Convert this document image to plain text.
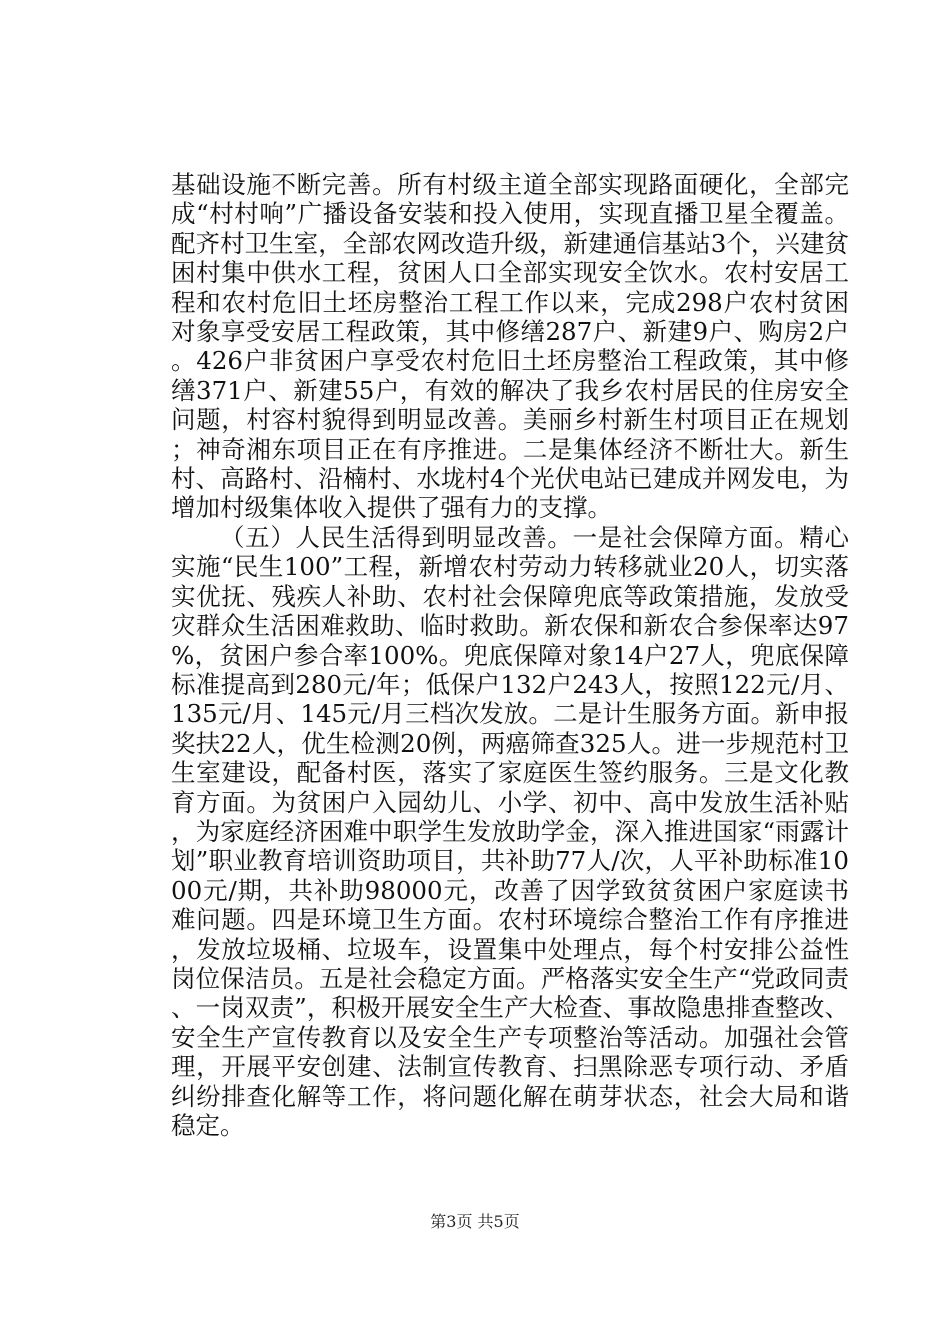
基础设施不断完善。所有村级主道全部实现路面硬化，全部完成“村村响”广播设备安装和投入使用，实现直播卫星全覆盖。配齐村卫生室，全部农网改造升级，新建通信基站3个，兴建贫困村集中供水工程，贫困人口全部实现安全饮水。农村安居工程和农村危旧土坯房整治工程工作以来，完成298户农村贫困对象享受安居工程政策，其中修缮287户、新建9户、购房2户。426户非贫困户享受农村危旧土坯房整治工程政策，其中修缮371户、新建55户，有效的解决了我乡农村居民的住房安全问题，村容村貌得到明显改善。美丽乡村新生村项目正在规划；神奇湘东项目正在有序推进。二是集体经济不断壮大。新生村、高路村、沿楠村、水垅村4个光伏电站已建成并网发电，为增加村级集体收入提供了强有力的支撑。

（五）人民生活得到明显改善。一是社会保障方面。精心实施“民生100”工程，新增农村劳动力转移就业20人，切实落实优抚、残疾人补助、农村社会保障兜底等政策措施，发放受灾群众生活困难救助、临时救助。新农保和新农合参保率达97%，贫困户参合率100%。兜底保障对象14户27人，兜底保障标准提高到280元/年；低保户132户243人，按照122元/月、135元/月、145元/月三档次发放。二是计生服务方面。新申报奖扶22人，优生检测20例，两癌筛查325人。进一步规范村卫生室建设，配备村医，落实了家庭医生签约服务。三是文化教育方面。为贫困户入园幼儿、小学、初中、高中发放生活补贴，为家庭经济困难中职学生发放助学金，深入推进国家“雨露计划”职业教育培训资助项目，共补助77人/次，人平补助标准1000元/期，共补助98000元，改善了因学致贫贫困户家庭读书难问题。四是环境卫生方面。农村环境综合整治工作有序推进，发放垃圾桶、垃圾车，设置集中处理点，每个村安排公益性岗位保洁员。五是社会稳定方面。严格落实安全生产“党政同责、一岗双责”，积极开展安全生产大检查、事故隐患排查整改、安全生产宣传教育以及安全生产专项整治等活动。加强社会管理，开展平安创建、法制宣传教育、扫黑除恶专项行动、矛盾纠纷排查化解等工作，将问题化解在萌芽状态，社会大局和谐稳定。

第3页 共5页
